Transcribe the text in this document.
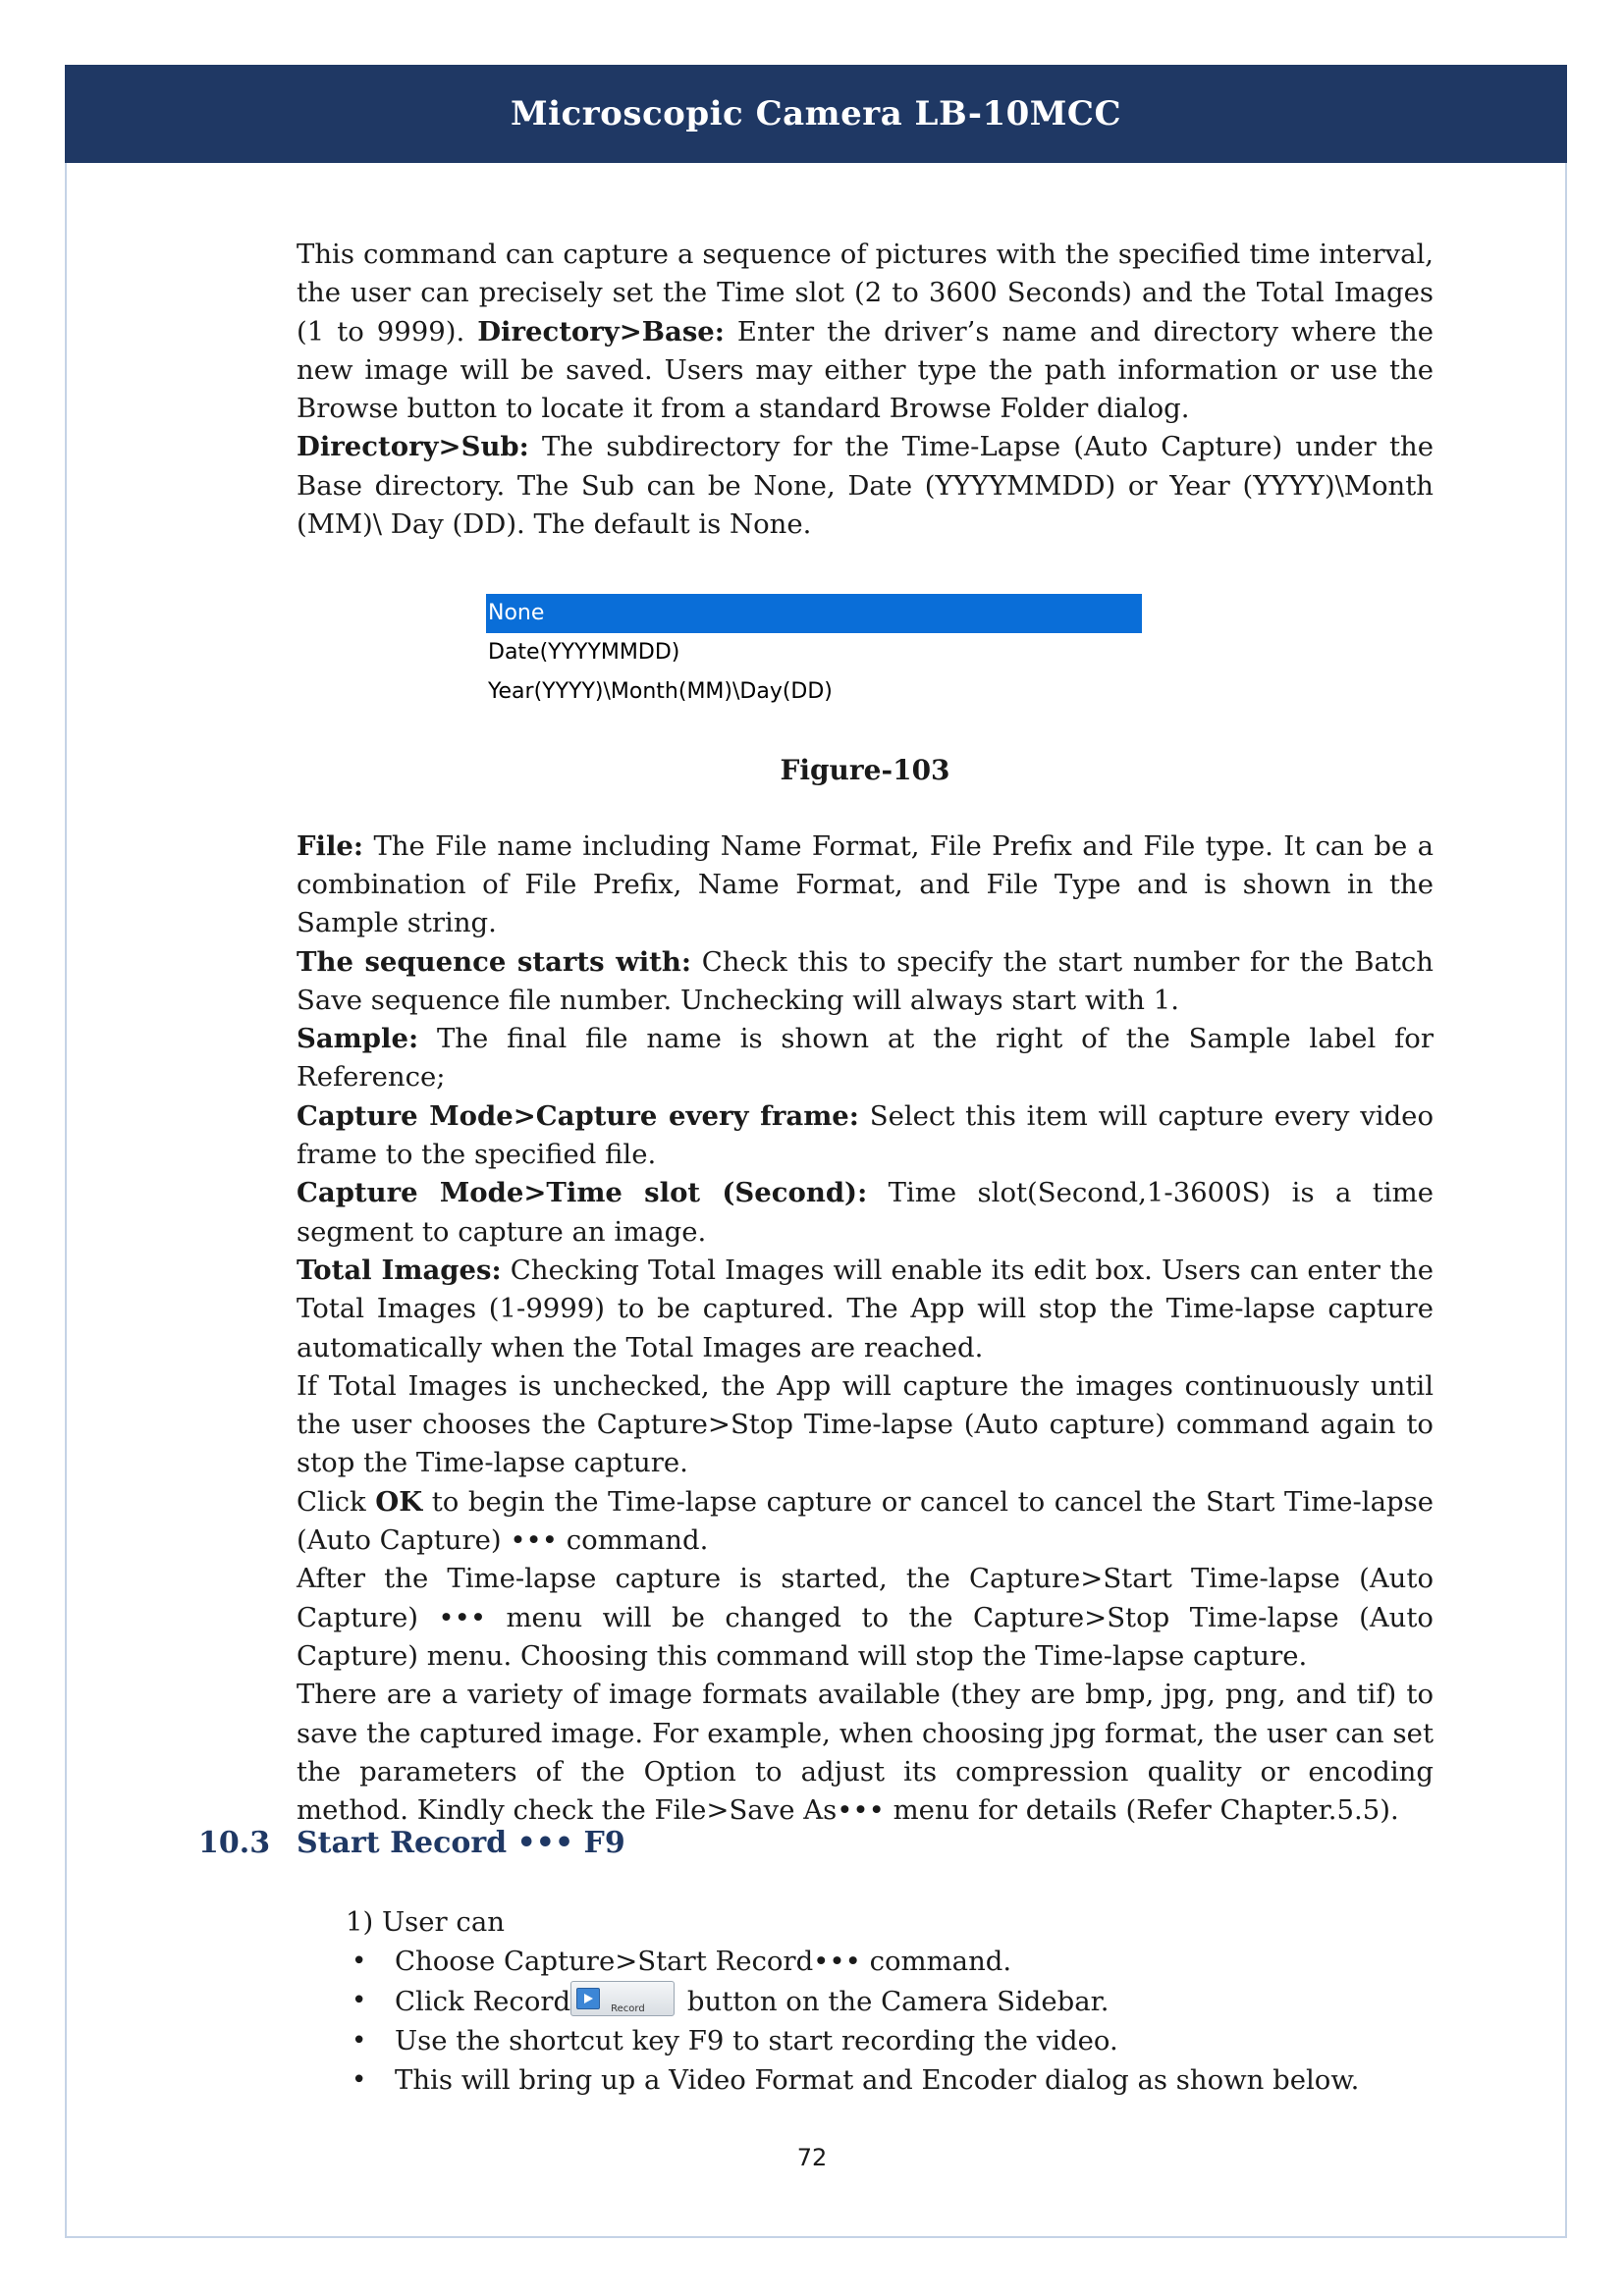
Microscopic Camera LB-10MCC

This command can capture a sequence of pictures with the specified time interval, the user can precisely set the Time slot (2 to 3600 Seconds) and the Total Images (1 to 9999). Directory>Base: Enter the driver’s name and directory where the new image will be saved. Users may either type the path information or use the Browse button to locate it from a standard Browse Folder dialog.

Directory>Sub: The subdirectory for the Time-Lapse (Auto Capture) under the Base directory. The Sub can be None, Date (YYYYMMDD) or Year (YYYY)\Month (MM)\ Day (DD). The default is None.

None
Date(YYYYMMDD)
Year(YYYY)\Month(MM)\Day(DD)
Figure-103

File: The File name including Name Format, File Prefix and File type. It can be a combination of File Prefix, Name Format, and File Type and is shown in the Sample string.

The sequence starts with: Check this to specify the start number for the Batch Save sequence file number. Unchecking will always start with 1.

Sample: The final file name is shown at the right of the Sample label for Reference;

Capture Mode>Capture every frame: Select this item will capture every video frame to the specified file.

Capture Mode>Time slot (Second): Time slot(Second,1-3600S) is a time segment to capture an image.

Total Images: Checking Total Images will enable its edit box. Users can enter the Total Images (1-9999) to be captured. The App will stop the Time-lapse capture automatically when the Total Images are reached.

If Total Images is unchecked, the App will capture the images continuously until the user chooses the Capture>Stop Time-lapse (Auto capture) command again to stop the Time-lapse capture.

Click OK to begin the Time-lapse capture or cancel to cancel the Start Time-lapse (Auto Capture) ••• command.

After the Time-lapse capture is started, the Capture>Start Time-lapse (Auto Capture) ••• menu will be changed to the Capture>Stop Time-lapse (Auto Capture) menu. Choosing this command will stop the Time-lapse capture.

There are a variety of image formats available (they are bmp, jpg, png, and tif) to save the captured image. For example, when choosing jpg format, the user can set the parameters of the Option to adjust its compression quality or encoding method. Kindly check the File>Save As••• menu for details (Refer Chapter.5.5).

10.3 Start Record ••• F9
1) User can
• Choose Capture>Start Record••• command.
• Click Record	Record button on the Camera Sidebar.
• Use the shortcut key F9 to start recording the video.
• This will bring up a Video Format and Encoder dialog as shown below.
72
